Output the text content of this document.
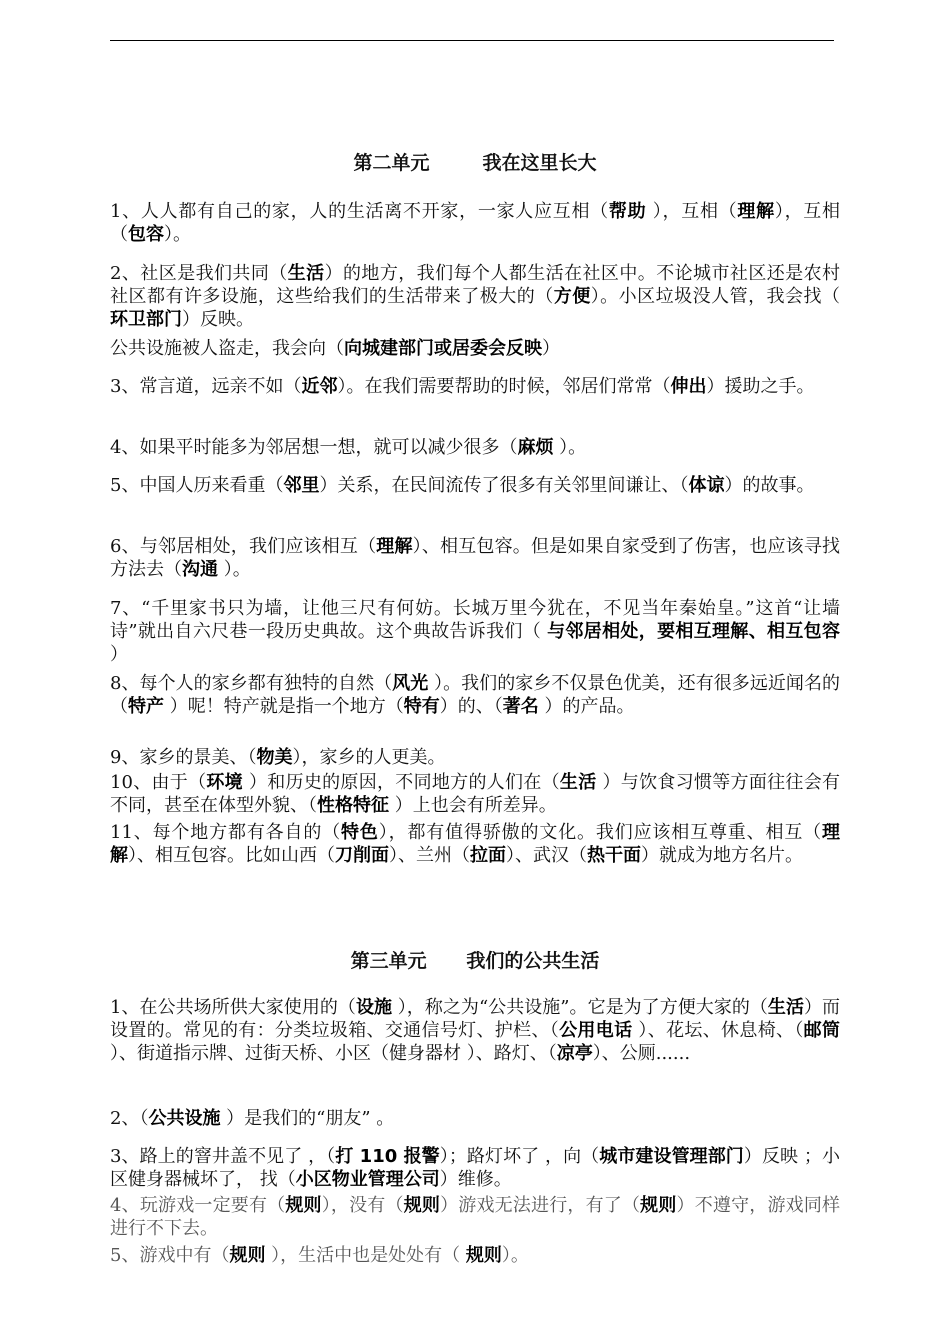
第二单元        我在这里长大
1、人人都有自己的家，人的生活离不开家，一家人应互相（帮助 ），互相（理解），互相（包容）。
2、社区是我们共同（生活）的地方，我们每个人都生活在社区中。不论城市社区还是农村社区都有许多设施，这些给我们的生活带来了极大的（方便）。小区垃圾没人管，我会找（ 环卫部门）反映。
公共设施被人盗走，我会向（向城建部门或居委会反映）
3、常言道，远亲不如（近邻）。在我们需要帮助的时候，邻居们常常（伸出）援助之手。
4、如果平时能多为邻居想一想，就可以减少很多（麻烦 ）。
5、中国人历来看重（邻里）关系，在民间流传了很多有关邻里间谦让、（体谅）的故事。
6、与邻居相处，我们应该相互（理解）、相互包容。但是如果自家受到了伤害，也应该寻找方法去（沟通 ）。
7、“千里家书只为墙，让他三尺有何妨。长城万里今犹在，不见当年秦始皇。”这首“让墙诗”就出自六尺巷一段历史典故。这个典故告诉我们（ 与邻居相处，要相互理解、相互包容 ）
8、每个人的家乡都有独特的自然（风光 ）。我们的家乡不仅景色优美，还有很多远近闻名的（特产 ）呢！特产就是指一个地方（特有）的、（著名 ）的产品。
9、家乡的景美、（物美），家乡的人更美。
10、由于（环境 ）和历史的原因，不同地方的人们在（生活 ）与饮食习惯等方面往往会有不同，甚至在体型外貌、（性格特征 ）上也会有所差异。
11、每个地方都有各自的（特色），都有值得骄傲的文化。我们应该相互尊重、相互（理解）、相互包容。比如山西（刀削面）、兰州（拉面）、武汉（热干面）就成为地方名片。
第三单元      我们的公共生活
1、在公共场所供大家使用的（设施 ），称之为“公共设施”。它是为了方便大家的（生活）而设置的。常见的有：分类垃圾箱、交通信号灯、护栏、（公用电话 ）、花坛、休息椅、（邮筒 ）、街道指示牌、过街天桥、小区（健身器材 ）、路灯、（凉亭）、公厕......
2、（公共设施 ）是我们的“朋友” 。
3、路上的窨井盖不见了 ，（打 110 报警）；路灯坏了 ，向（城市建设管理部门）反映 ；小区健身器械坏了， 找（小区物业管理公司）维修。
4、玩游戏一定要有（规则），没有（规则）游戏无法进行，有了（规则）不遵守，游戏同样进行不下去。
5、游戏中有（规则 ），生活中也是处处有（ 规则）。
